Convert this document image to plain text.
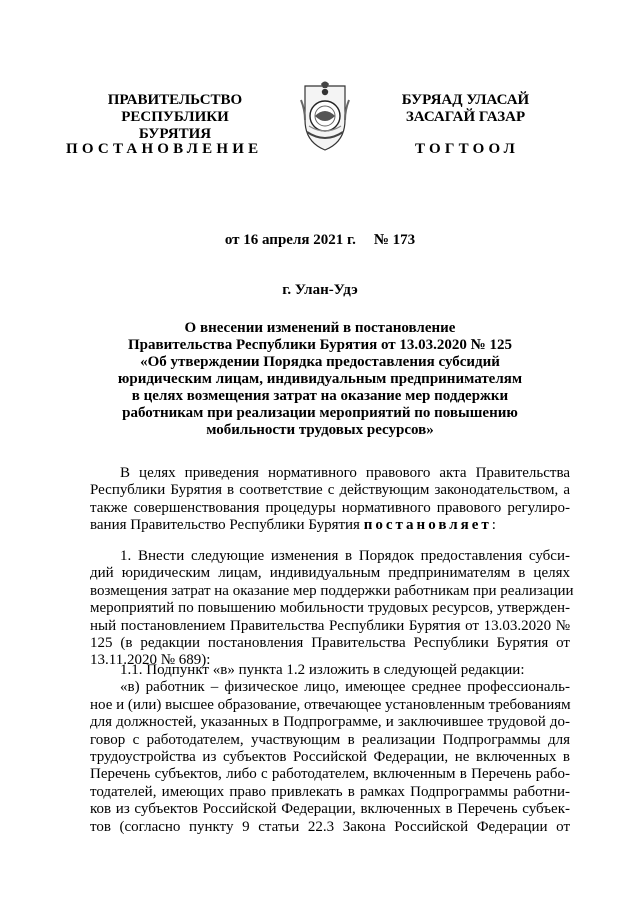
ПРАВИТЕЛЬСТВО
РЕСПУБЛИКИ БУРЯТИЯ
БУРЯАД УЛАСАЙ
ЗАСАГАЙ ГАЗАР
ПОСТАНОВЛЕНИЕ	ТОГТООЛ
от 16 апреля 2021 г. № 173
г. Улан-Удэ
О внесении изменений в постановление
Правительства Республики Бурятия от 13.03.2020 № 125
«Об утверждении Порядка предоставления субсидий
юридическим лицам, индивидуальным предпринимателям
в целях возмещения затрат на оказание мер поддержки
работникам при реализации мероприятий по повышению
мобильности трудовых ресурсов»
В целях приведения нормативного правового акта Правительства
Республики Бурятия в соответствие с действующим законодательством, а
также совершенствования процедуры нормативного правового регулиро-
вания Правительство Республики Бурятия постановляет:
1. Внести следующие изменения в Порядок предоставления субси-
дий юридическим лицам, индивидуальным предпринимателям в целях
возмещения затрат на оказание мер поддержки работникам при реализации
мероприятий по повышению мобильности трудовых ресурсов, утвержден-
ный постановлением Правительства Республики Бурятия от 13.03.2020 №
125 (в редакции постановления Правительства Республики Бурятия от
13.11.2020 № 689):
1.1. Подпункт «в» пункта 1.2 изложить в следующей редакции:
«в) работник – физическое лицо, имеющее среднее профессиональ-
ное и (или) высшее образование, отвечающее установленным требованиям
для должностей, указанных в Подпрограмме, и заключившее трудовой до-
говор с работодателем, участвующим в реализации Подпрограммы для
трудоустройства из субъектов Российской Федерации, не включенных в
Перечень субъектов, либо с работодателем, включенным в Перечень рабо-
тодателей, имеющих право привлекать в рамках Подпрограммы работни-
ков из субъектов Российской Федерации, включенных в Перечень субъек-
тов (согласно пункту 9 статьи 22.3 Закона Российской Федерации от
